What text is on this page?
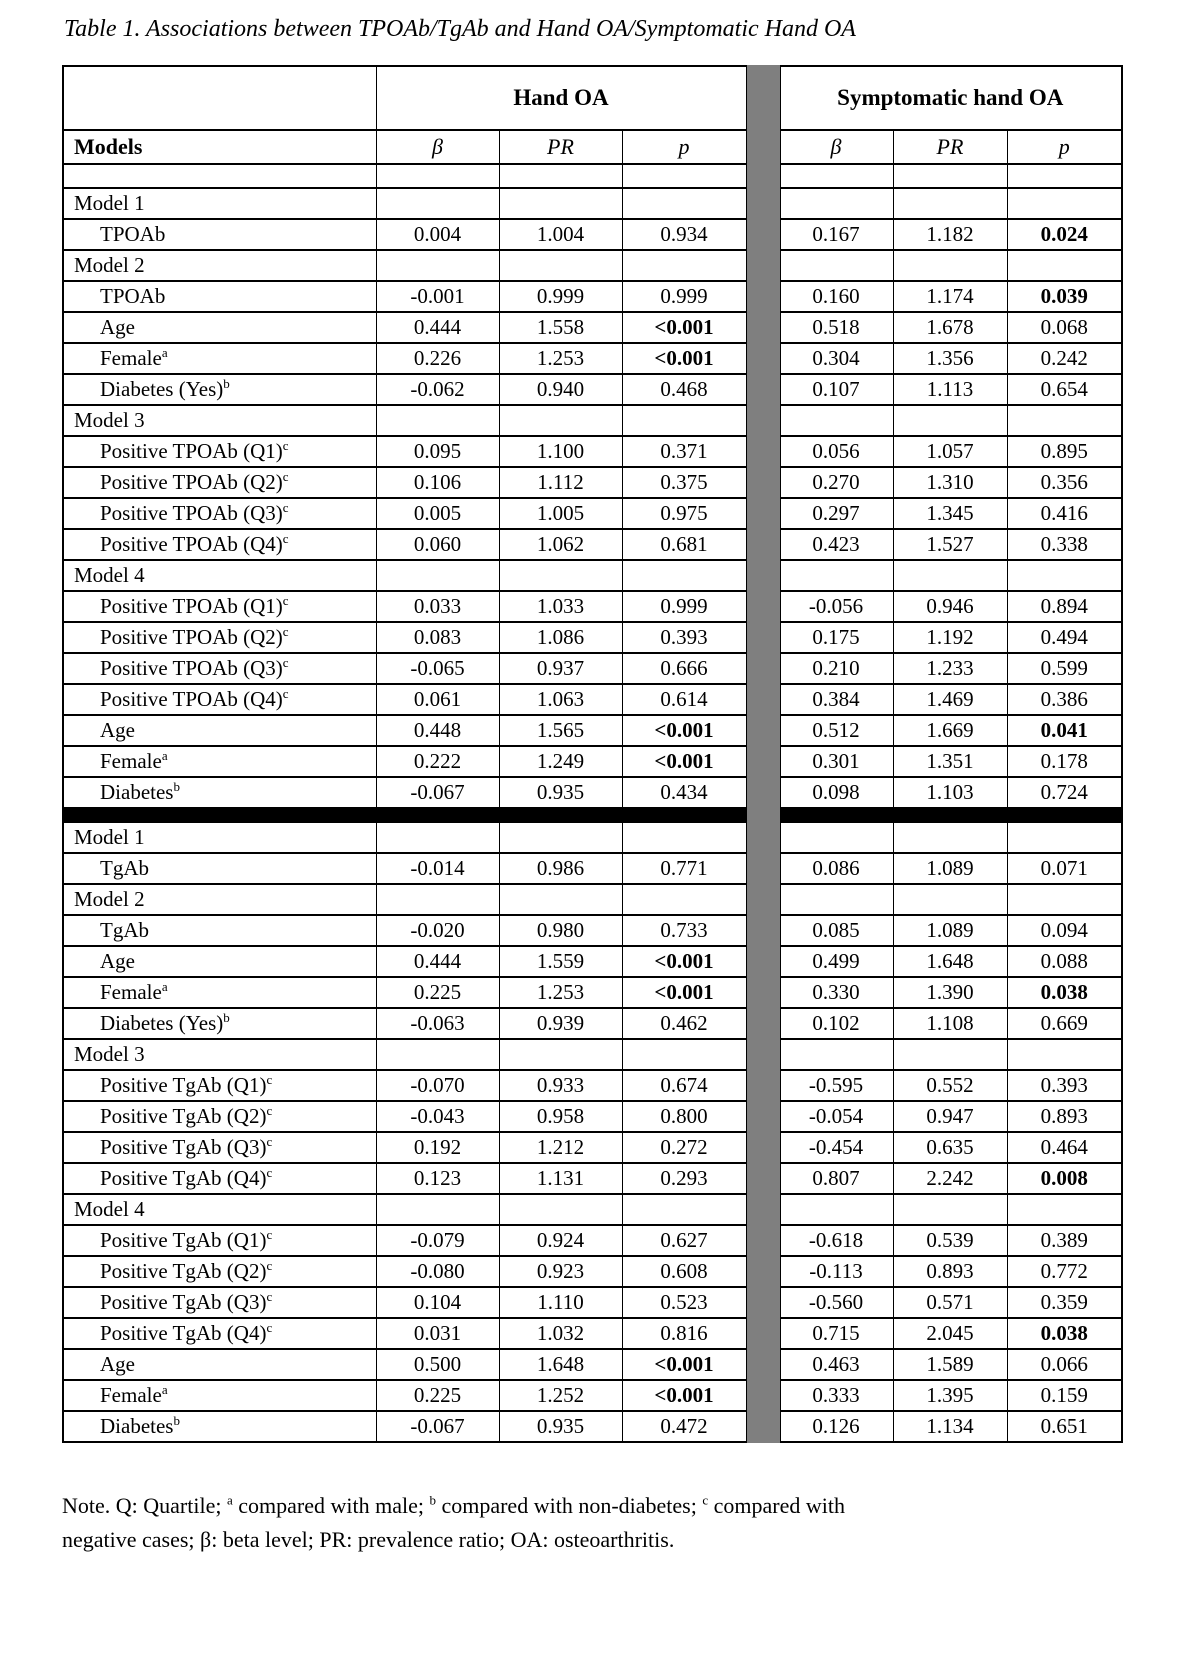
Table 1. Associations between TPOAb/TgAb and Hand OA/Symptomatic Hand OA
	Hand OA				Symptomatic hand OA		
Models	β	PR	p		β	PR	p

Model 1							
TPOAb	0.004	1.004	0.934		0.167	1.182	0.024
Model 2							
TPOAb	-0.001	0.999	0.999		0.160	1.174	0.039
Age	0.444	1.558	<0.001		0.518	1.678	0.068
Female$^a$	0.226	1.253	<0.001		0.304	1.356	0.242
Diabetes (Yes)$^b$	-0.062	0.940	0.468		0.107	1.113	0.654
Model 3							
Positive TPOAb $(Q1)^c$	0.095	1.100	0.371		0.056	1.057	0.895
Positive TPOAb $(Q2)^c$	0.106	1.112	0.375		0.270	1.310	0.356
Positive TPOAb $(Q3)^c$	0.005	1.005	0.975		0.297	1.345	0.416
Positive TPOAb $(Q4)^c$	0.060	1.062	0.681		0.423	1.527	0.338
Model 4							
Positive TPOAb $(Q1)^c$	0.033	1.033	0.999		-0.056	0.946	0.894
Positive TPOAb $(Q2)^c$	0.083	1.086	0.393		0.175	1.192	0.494
Positive TPOAb $(Q3)^c$	-0.065	0.937	0.666		0.210	1.233	0.599
Positive TPOAb $(Q4)^c$	0.061	1.063	0.614		0.384	1.469	0.386
Age	0.448	1.565	<0.001		0.512	1.669	0.041
Female$^a$	0.222	1.249	<0.001		0.301	1.351	0.178
Diabetes$^b$	-0.067	0.935	0.434		0.098	1.103	0.724

Model 1							
TgAb	-0.014	0.986	0.771		0.086	1.089	0.071
Model 2							
TgAb	-0.020	0.980	0.733		0.085	1.089	0.094
Age	0.444	1.559	<0.001		0.499	1.648	0.088
Female$^a$	0.225	1.253	<0.001		0.330	1.390	0.038
Diabetes (Yes)$^b$	-0.063	0.939	0.462		0.102	1.108	0.669
Model 3							
Positive TgAb $(Q1)^c$	-0.070	0.933	0.674		-0.595	0.552	0.393
Positive TgAb $(Q2)^c$	-0.043	0.958	0.800		-0.054	0.947	0.893
Positive TgAb $(Q3)^c$	0.192	1.212	0.272		-0.454	0.635	0.464
Positive TgAb $(Q4)^c$	0.123	1.131	0.293		0.807	2.242	0.008
Model 4							
Positive TgAb $(Q1)^c$	-0.079	0.924	0.627		-0.618	0.539	0.389
Positive TgAb $(Q2)^c$	-0.080	0.923	0.608		-0.113	0.893	0.772
Positive TgAb $(Q3)^c$	0.104	1.110	0.523		-0.560	0.571	0.359
Positive TgAb $(Q4)^c$	0.031	1.032	0.816		0.715	2.045	0.038
Age	0.500	1.648	<0.001		0.463	1.589	0.066
Female$^a$	0.225	1.252	<0.001		0.333	1.395	0.159
Diabetes$^b$	-0.067	0.935	0.472		0.126	1.134	0.651
Note. Q: Quartile; $^a$ compared with male; $^b$ compared with non-diabetes; $^c$ compared with
negative cases; β: beta level; PR: prevalence ratio; OA: osteoarthritis.
